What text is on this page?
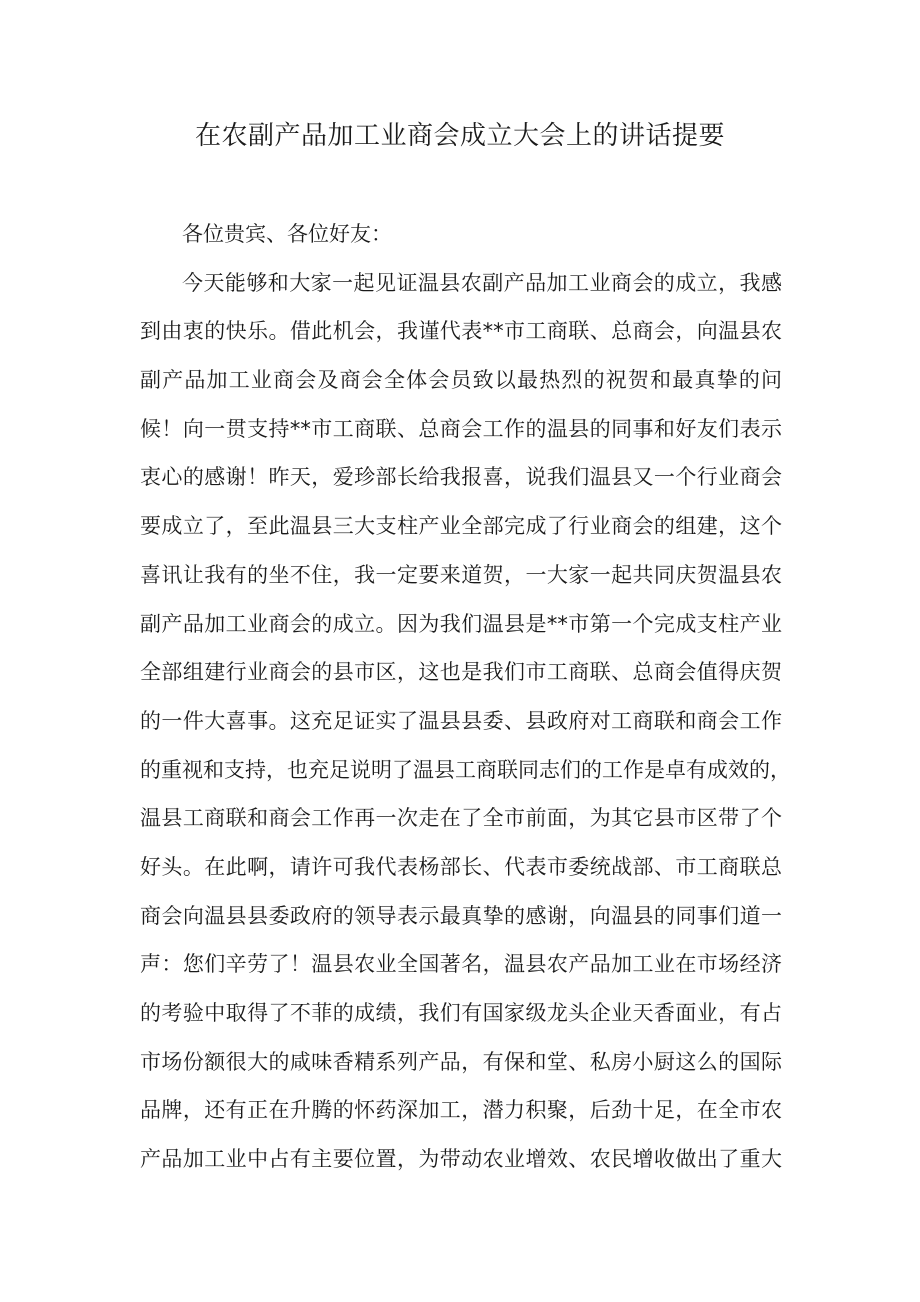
在农副产品加工业商会成立大会上的讲话提要
各位贵宾、各位好友：
今天能够和大家一起见证温县农副产品加工业商会的成立，我感
到由衷的快乐。借此机会，我谨代表**市工商联、总商会，向温县农
副产品加工业商会及商会全体会员致以最热烈的祝贺和最真挚的问
候！向一贯支持**市工商联、总商会工作的温县的同事和好友们表示
衷心的感谢！昨天，爱珍部长给我报喜，说我们温县又一个行业商会
要成立了，至此温县三大支柱产业全部完成了行业商会的组建，这个
喜讯让我有的坐不住，我一定要来道贺，一大家一起共同庆贺温县农
副产品加工业商会的成立。因为我们温县是**市第一个完成支柱产业
全部组建行业商会的县市区，这也是我们市工商联、总商会值得庆贺
的一件大喜事。这充足证实了温县县委、县政府对工商联和商会工作
的重视和支持，也充足说明了温县工商联同志们的工作是卓有成效的，
温县工商联和商会工作再一次走在了全市前面，为其它县市区带了个
好头。在此啊，请许可我代表杨部长、代表市委统战部、市工商联总
商会向温县县委政府的领导表示最真挚的感谢，向温县的同事们道一
声：您们辛劳了！温县农业全国著名，温县农产品加工业在市场经济
的考验中取得了不菲的成绩，我们有国家级龙头企业天香面业，有占
市场份额很大的咸味香精系列产品，有保和堂、私房小厨这么的国际
品牌，还有正在升腾的怀药深加工，潜力积聚，后劲十足，在全市农
产品加工业中占有主要位置，为带动农业增效、农民增收做出了重大
